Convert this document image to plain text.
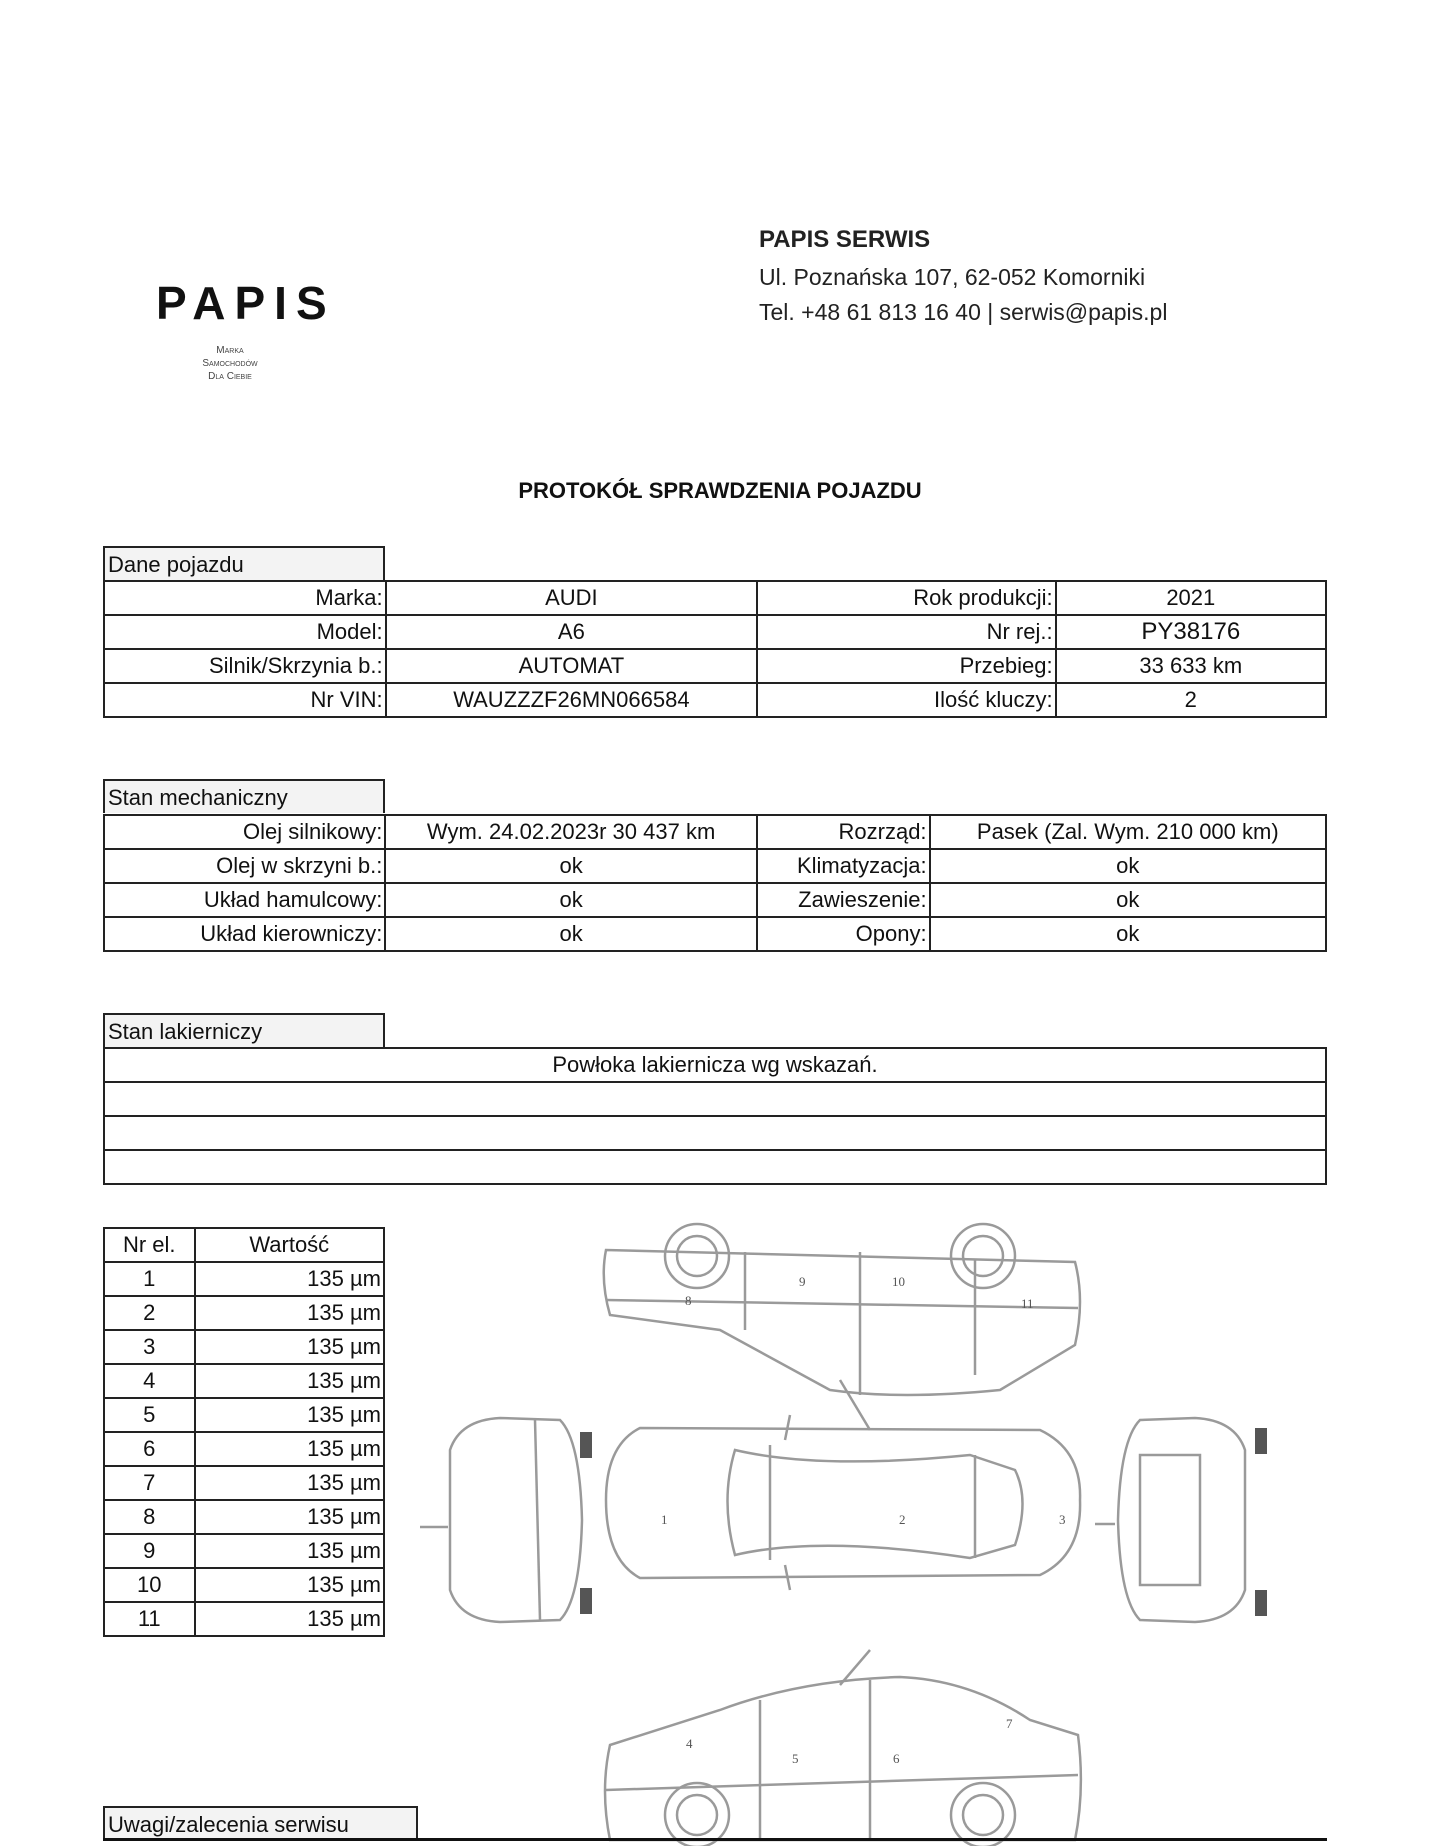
PAPIS
Marka
Samochodów
Dla Ciebie
PAPIS SERWIS
Ul. Poznańska 107, 62-052 Komorniki
Tel. +48 61 813 16 40 | serwis@papis.pl
PROTOKÓŁ SPRAWDZENIA POJAZDU
Dane pojazdu
Marka:	AUDI	Rok produkcji:	2021
Model:	A6	Nr rej.:	PY38176
Silnik/Skrzynia b.:	AUTOMAT	Przebieg:	33 633 km
Nr VIN:	WAUZZZF26MN066584	Ilość kluczy:	2
Stan mechaniczny
Olej silnikowy:	Wym. 24.02.2023r 30 437 km	Rozrząd:	Pasek (Zal. Wym. 210 000 km)
Olej w skrzyni b.:	ok	Klimatyzacja:	ok
Układ hamulcowy:	ok	Zawieszenie:	ok
Układ kierowniczy:	ok	Opony:	ok
Stan lakierniczy
Powłoka lakiernicza wg wskazań.

Nr el.	Wartość
1	135 µm
2	135 µm
3	135 µm
4	135 µm
5	135 µm
6	135 µm
7	135 µm
8	135 µm
9	135 µm
10	135 µm
11	135 µm
1	2	3
4
5	6
7
8
9	10
11
Uwagi/zalecenia serwisu
